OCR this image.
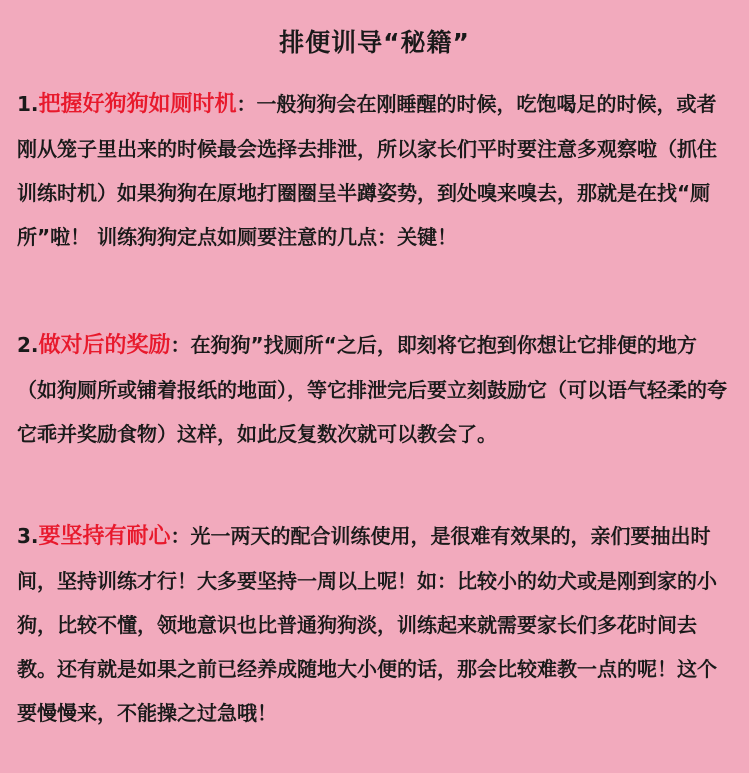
排便训导“秘籍”
1.把握好狗狗如厕时机：一般狗狗会在刚睡醒的时候，吃饱喝足的时候，或者刚从笼子里出来的时候最会选择去排泄，所以家长们平时要注意多观察啦（抓住训练时机）如果狗狗在原地打圈圈呈半蹲姿势，到处嗅来嗅去，那就是在找“厕所”啦！ 训练狗狗定点如厕要注意的几点：关键！
2.做对后的奖励：在狗狗”找厕所“之后，即刻将它抱到你想让它排便的地方（如狗厕所或铺着报纸的地面），等它排泄完后要立刻鼓励它（可以语气轻柔的夸它乖并奖励食物）这样，如此反复数次就可以教会了。
3.要坚持有耐心：光一两天的配合训练使用，是很难有效果的，亲们要抽出时间，坚持训练才行！大多要坚持一周以上呢！如：比较小的幼犬或是刚到家的小狗，比较不懂，领地意识也比普通狗狗淡，训练起来就需要家长们多花时间去教。还有就是如果之前已经养成随地大小便的话，那会比较难教一点的呢！这个要慢慢来，不能操之过急哦！
